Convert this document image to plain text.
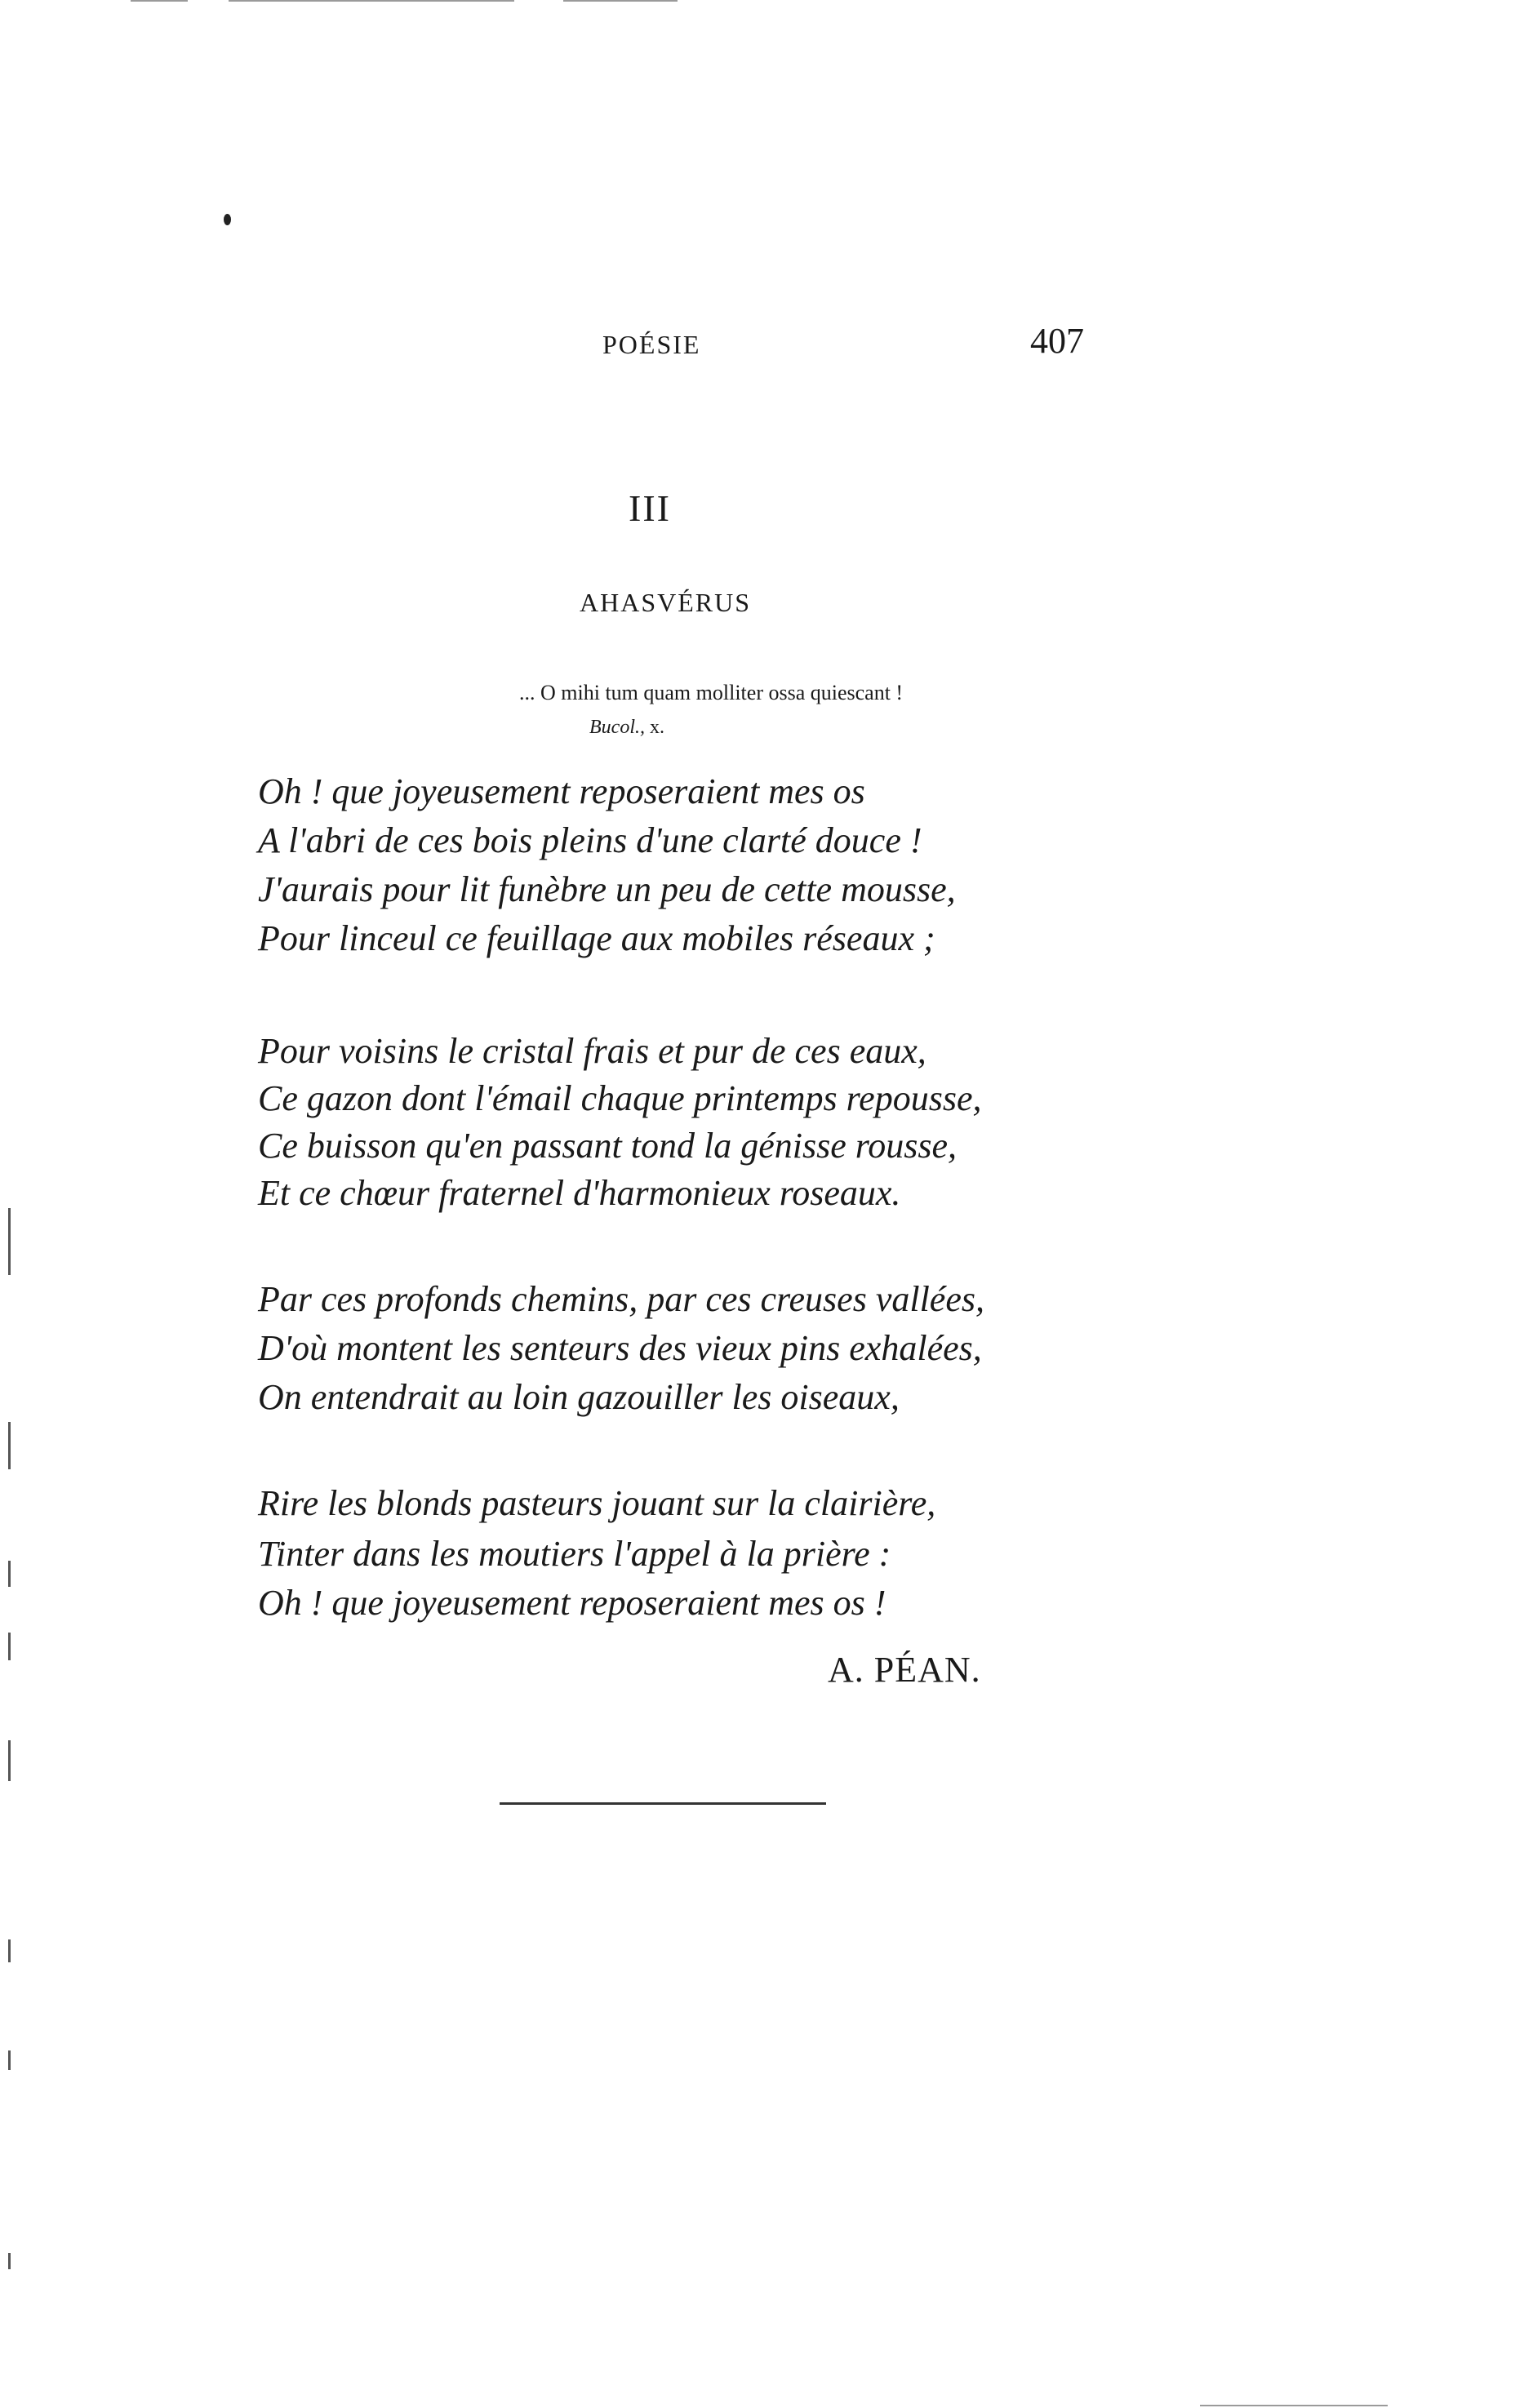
POÉSIE	407
III
AHASVÉRUS
... O mihi tum quam molliter ossa quiescant !
Bucol., x.
Oh ! que joyeusement reposeraient mes os
A l'abri de ces bois pleins d'une clarté douce !
J'aurais pour lit funèbre un peu de cette mousse,
Pour linceul ce feuillage aux mobiles réseaux ;
Pour voisins le cristal frais et pur de ces eaux,
Ce gazon dont l'émail chaque printemps repousse,
Ce buisson qu'en passant tond la génisse rousse,
Et ce chœur fraternel d'harmonieux roseaux.
Par ces profonds chemins, par ces creuses vallées,
D'où montent les senteurs des vieux pins exhalées,
On entendrait au loin gazouiller les oiseaux,
Rire les blonds pasteurs jouant sur la clairière,
Tinter dans les moutiers l'appel à la prière :
Oh ! que joyeusement reposeraient mes os !
A. PÉAN.
